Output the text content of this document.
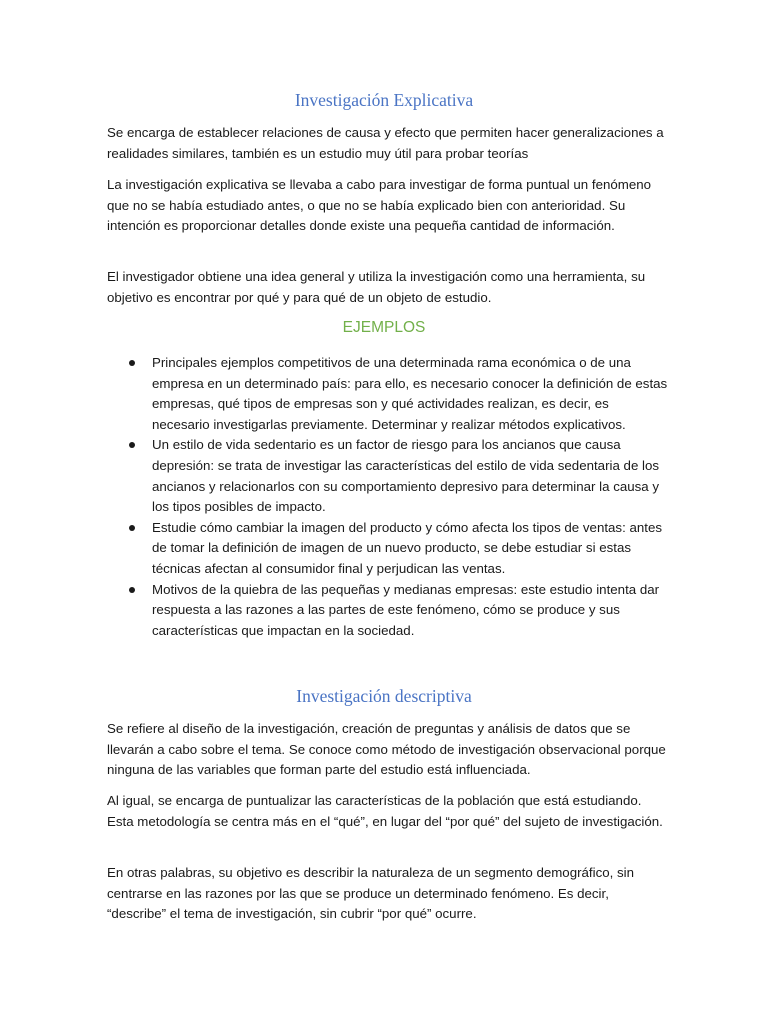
Investigación Explicativa

Se encarga de establecer relaciones de causa y efecto que permiten hacer generalizaciones a realidades similares, también es un estudio muy útil para probar teorías

La investigación explicativa se llevaba a cabo para investigar de forma puntual un fenómeno que no se había estudiado antes, o que no se había explicado bien con anterioridad. Su intención es proporcionar detalles donde existe una pequeña cantidad de información.

El investigador obtiene una idea general y utiliza la investigación como una herramienta, su objetivo es encontrar por qué y para qué de un objeto de estudio.

EJEMPLOS
Principales ejemplos competitivos de una determinada rama económica o de una empresa en un determinado país: para ello, es necesario conocer la definición de estas empresas, qué tipos de empresas son y qué actividades realizan, es decir, es necesario investigarlas previamente. Determinar y realizar métodos explicativos.
Un estilo de vida sedentario es un factor de riesgo para los ancianos que causa depresión: se trata de investigar las características del estilo de vida sedentaria de los ancianos y relacionarlos con su comportamiento depresivo para determinar la causa y los tipos posibles de impacto.
Estudie cómo cambiar la imagen del producto y cómo afecta los tipos de ventas: antes de tomar la definición de imagen de un nuevo producto, se debe estudiar si estas técnicas afectan al consumidor final y perjudican las ventas.
Motivos de la quiebra de las pequeñas y medianas empresas: este estudio intenta dar respuesta a las razones a las partes de este fenómeno, cómo se produce y sus características que impactan en la sociedad.
Investigación descriptiva

Se refiere al diseño de la investigación, creación de preguntas y análisis de datos que se llevarán a cabo sobre el tema. Se conoce como método de investigación observacional porque ninguna de las variables que forman parte del estudio está influenciada.

Al igual, se encarga de puntualizar las características de la población que está estudiando. Esta metodología se centra más en el “qué”, en lugar del “por qué” del sujeto de investigación.

En otras palabras, su objetivo es describir la naturaleza de un segmento demográfico, sin centrarse en las razones por las que se produce un determinado fenómeno. Es decir, “describe” el tema de investigación, sin cubrir “por qué” ocurre.
